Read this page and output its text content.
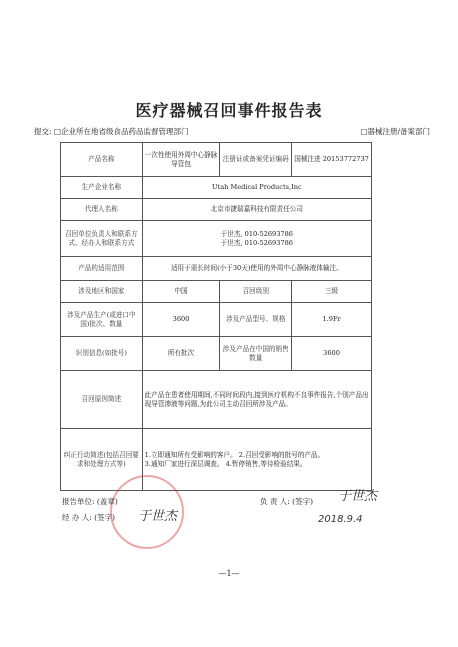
医疗器械召回事件报告表
提交: □企业所在地省级食品药品监督管理部门	□器械注册/备案部门
产品名称	一次性使用外周中心静脉导管包	注册证或备案凭证编码	国械注进 20153772737
生产企业名称	Utah Medical Products,Inc		
代理人名称	北京市捷瑞嘉科技有限责任公司		
召回单位负责人和联系方式、经办人和联系方式	于世杰, 010-52693786
于世杰, 010-52693786		

产品的适用范围	适用于需长时间(小于30天)使用的外周中心静脉液体输注。		
涉及地区和国家	中国	召回级别	三级
涉及产品生产(或进口中国)批次、数量	3600	涉及产品型号、规格	1.9Fr
识别信息(如批号)	所有批次	涉及产品在中国的销售数量	3600
召回原因简述	此产品在患者使用期间,不同时间段内,接到医疗机构不良事件报告,个别产品出现导管渗液等问题,为此公司主动召回所涉及产品。		
纠正行动简述(包括召回要求和处理方式等)	1.立即通知所有受影响的客户。 2.召回受影响的批号的产品。
3.通知厂家进行深层调查。 4.暂停销售,等待检验结果。		
报告单位: (盖章)
经 办 人: (签字) 于世杰
负 责 人: (签字) 于世杰
2018.9.4
—1—
